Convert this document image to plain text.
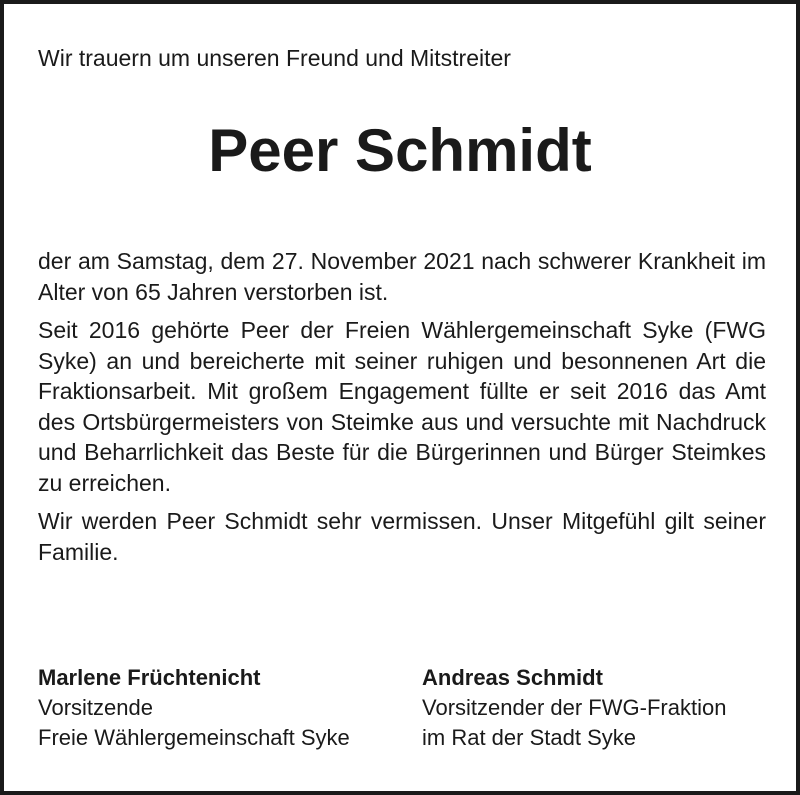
Wir trauern um unseren Freund und Mitstreiter
Peer Schmidt

der am Samstag, dem 27. November 2021 nach schwerer Krankheit im Alter von 65 Jahren verstorben ist.

Seit 2016 gehörte Peer der Freien Wählergemeinschaft Syke (FWG Syke) an und bereicherte mit seiner ruhigen und besonnenen Art die Fraktionsarbeit. Mit großem Engagement füllte er seit 2016 das Amt des Ortsbürgermeisters von Steimke aus und versuchte mit Nachdruck und Beharrlichkeit das Beste für die Bürgerinnen und Bürger Steimkes zu erreichen.

Wir werden Peer Schmidt sehr vermissen. Unser Mitgefühl gilt seiner Familie.

Marlene Früchtenicht
Vorsitzende
Freie Wählergemeinschaft Syke
Andreas Schmidt
Vorsitzender der FWG-Fraktion
im Rat der Stadt Syke
